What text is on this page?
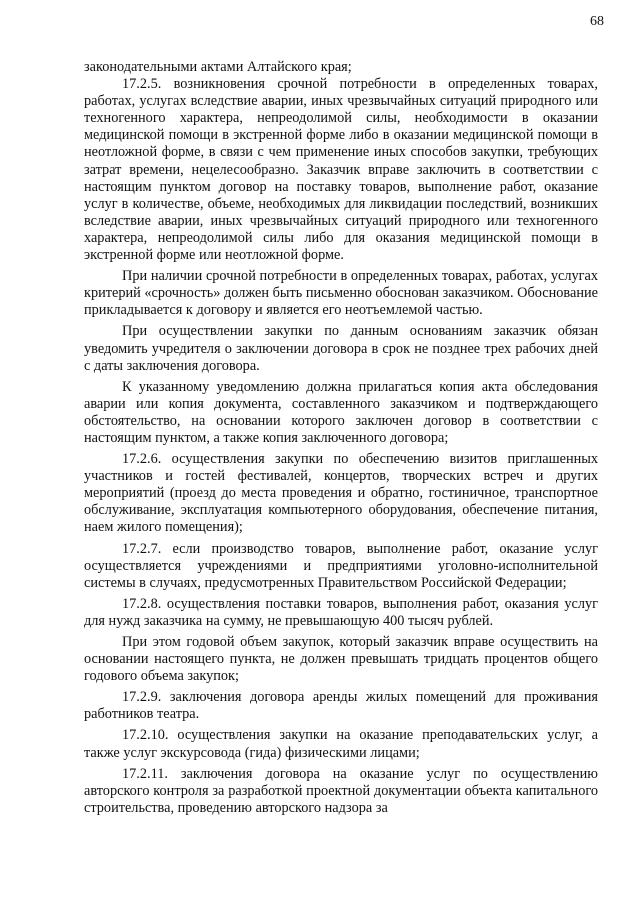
68

законодательными актами Алтайского края;

17.2.5. возникновения срочной потребности в определенных товарах, работах, услугах вследствие аварии, иных чрезвычайных ситуаций природного или техногенного характера, непреодолимой силы, необходимости в оказании медицинской помощи в экстренной форме либо в оказании медицинской помощи в неотложной форме, в связи с чем применение иных способов закупки, требующих затрат времени, нецелесообразно. Заказчик вправе заключить в соответствии с настоящим пунктом договор на поставку товаров, выполнение работ, оказание услуг в количестве, объеме, необходимых для ликвидации последствий, возникших вследствие аварии, иных чрезвычайных ситуаций природного или техногенного характера, непреодолимой силы либо для оказания медицинской помощи в экстренной форме или неотложной форме.

При наличии срочной потребности в определенных товарах, работах, услугах критерий «срочность» должен быть письменно обоснован заказчиком. Обоснование прикладывается к договору и является его неотъемлемой частью.

При осуществлении закупки по данным основаниям заказчик обязан уведомить учредителя о заключении договора в срок не позднее трех рабочих дней с даты заключения договора.

К указанному уведомлению должна прилагаться копия акта обследования аварии или копия документа, составленного заказчиком и подтверждающего обстоятельство, на основании которого заключен договор в соответствии с настоящим пунктом, а также копия заключенного договора;

17.2.6. осуществления закупки по обеспечению визитов приглашенных участников и гостей фестивалей, концертов, творческих встреч и других мероприятий (проезд до места проведения и обратно, гостиничное, транспортное обслуживание, эксплуатация компьютерного оборудования, обеспечение питания, наем жилого помещения);

17.2.7. если производство товаров, выполнение работ, оказание услуг осуществляется учреждениями и предприятиями уголовно-исполнительной системы в случаях, предусмотренных Правительством Российской Федерации;

17.2.8. осуществления поставки товаров, выполнения работ, оказания услуг для нужд заказчика на сумму, не превышающую 400 тысяч рублей.

При этом годовой объем закупок, который заказчик вправе осуществить на основании настоящего пункта, не должен превышать тридцать процентов общего годового объема закупок;

17.2.9. заключения договора аренды жилых помещений для проживания работников театра.

17.2.10. осуществления закупки на оказание преподавательских услуг, а также услуг экскурсовода (гида) физическими лицами;

17.2.11. заключения договора на оказание услуг по осуществлению авторского контроля за разработкой проектной документации объекта капитального строительства, проведению авторского надзора за
